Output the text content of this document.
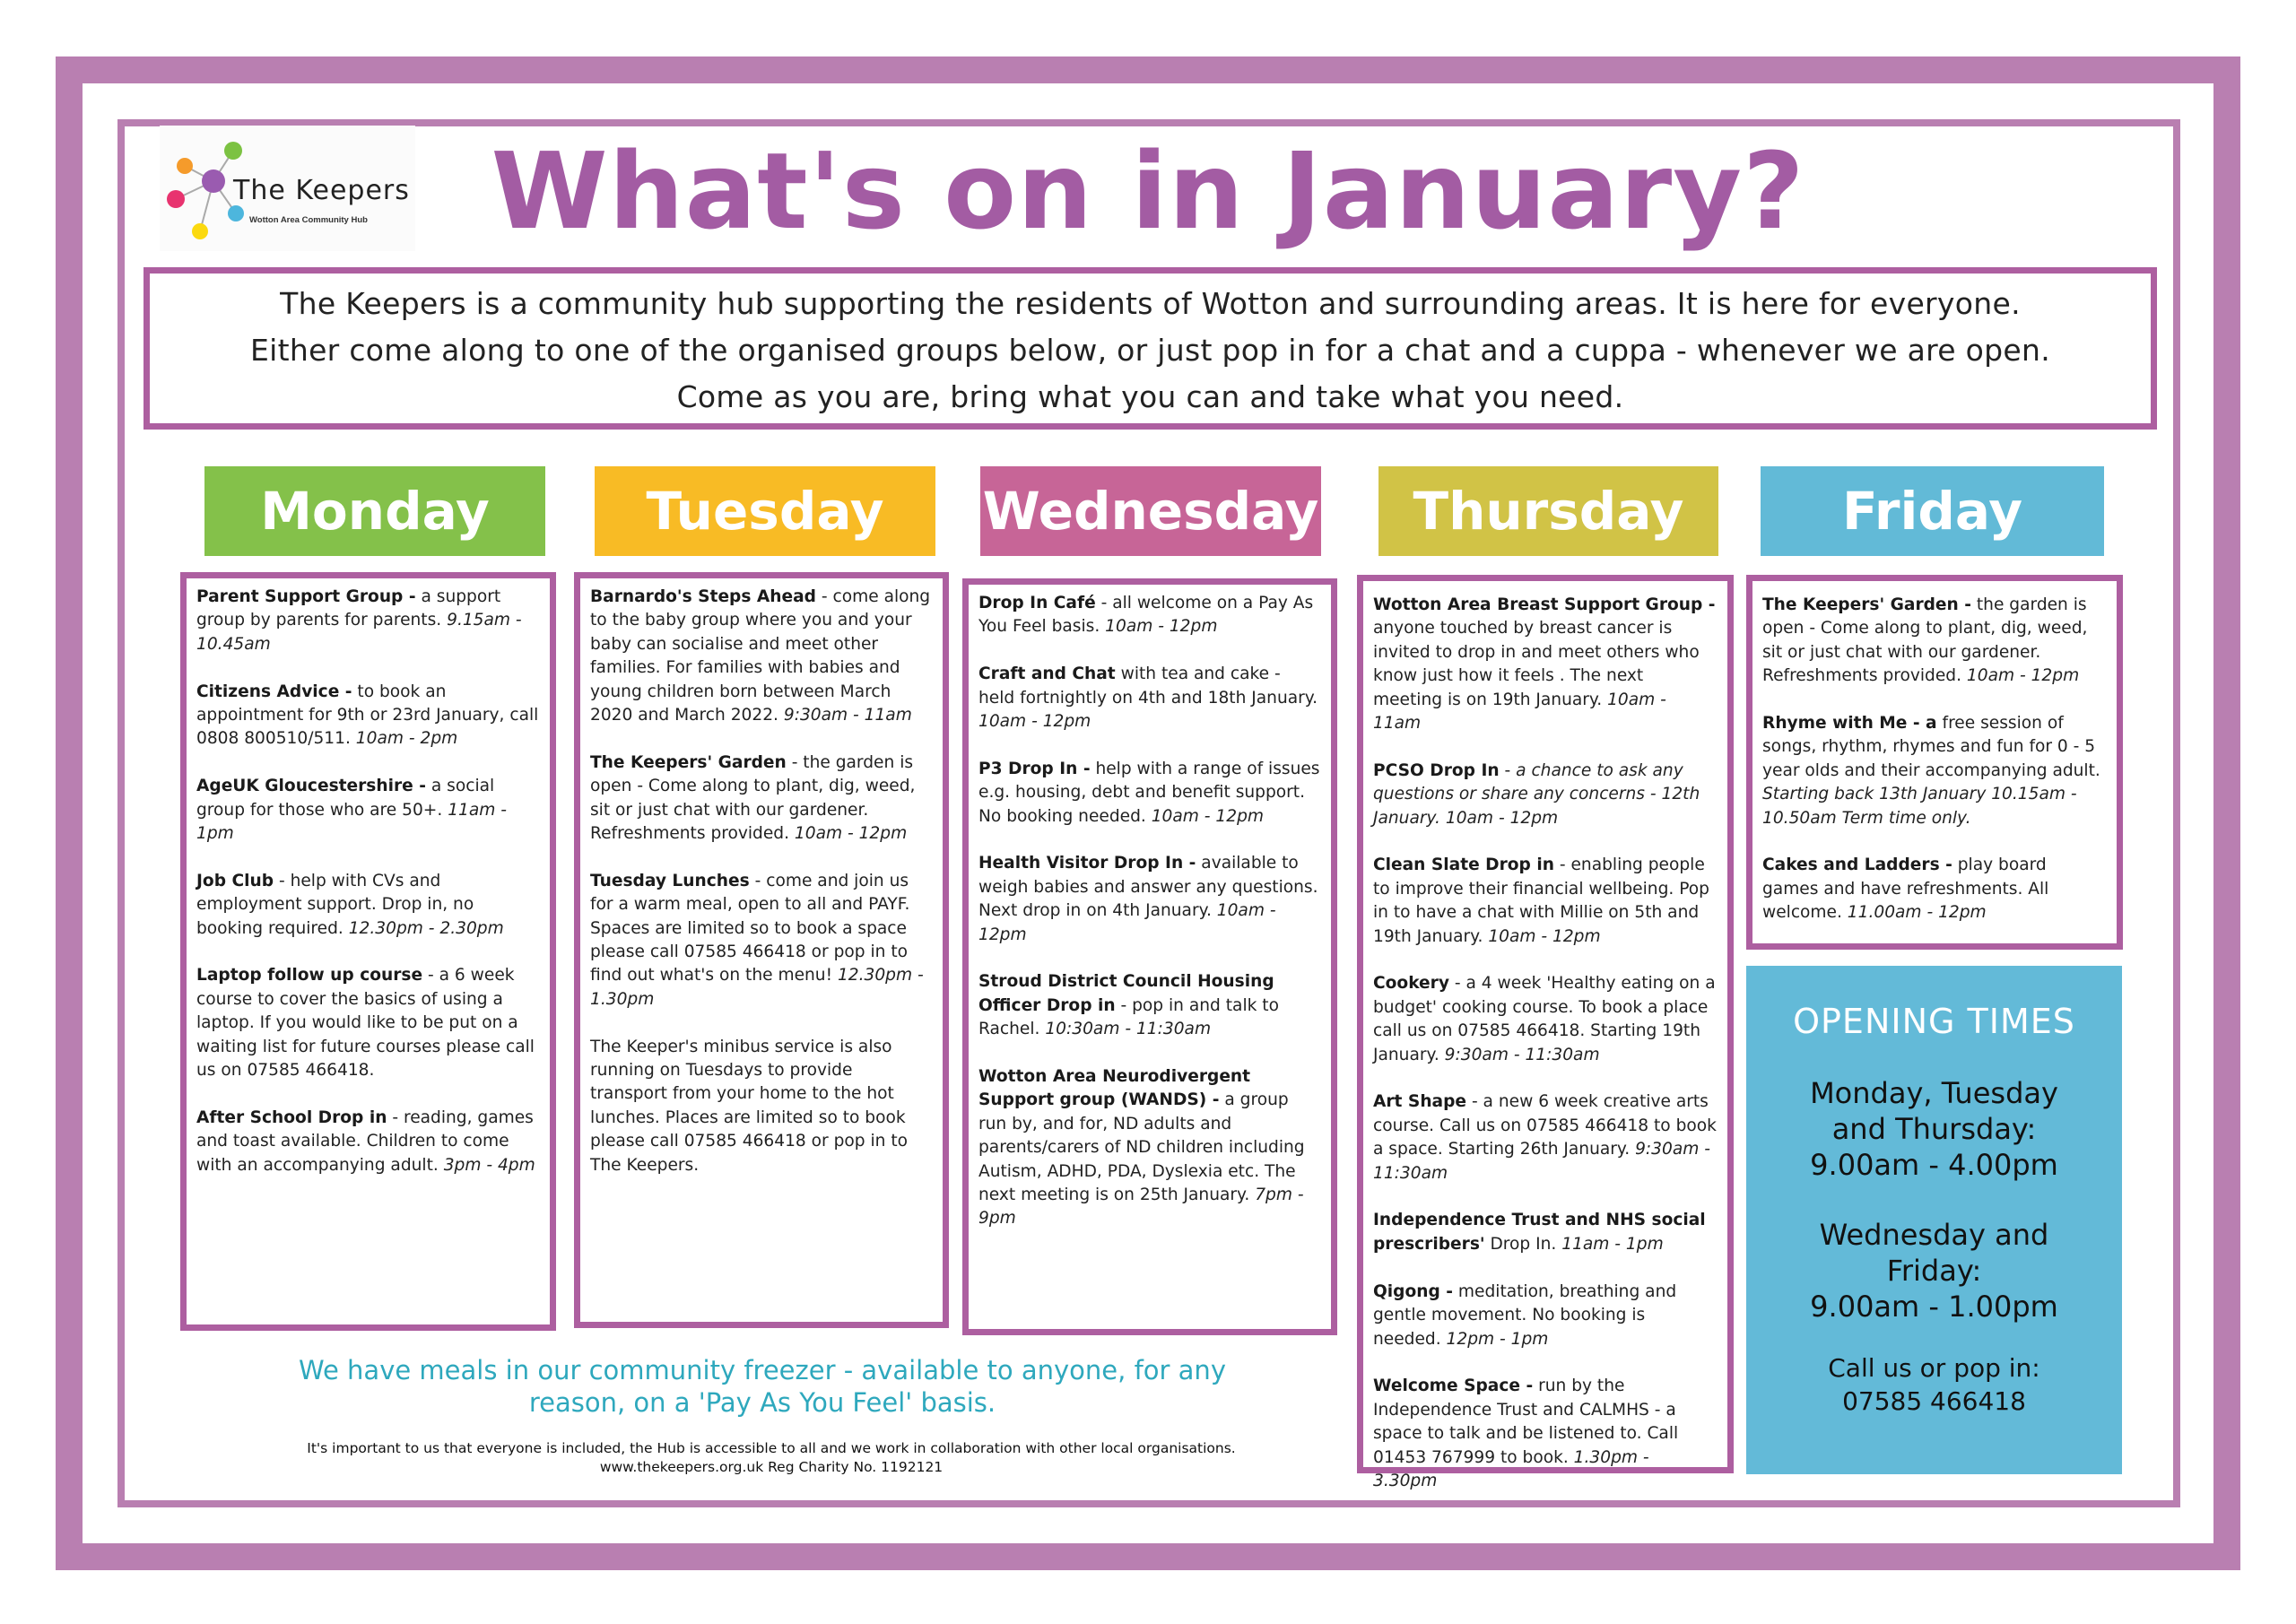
The Keepers
Wotton Area Community Hub What's on in January?

The Keepers is a community hub supporting the residents of Wotton and surrounding areas. It is here for everyone.

Either come along to one of the organised groups below, or just pop in for a chat and a cuppa - whenever we are open.

Come as you are, bring what you can and take what you need.

Monday	Tuesday	Wednesday	Thursday	Friday
Parent Support Group - a support group by parents for parents. 9.15am - 10.45am
Citizens Advice - to book an appointment for 9th or 23rd January, call 0808 800510/511. 10am - 2pm
AgeUK Gloucestershire - a social group for those who are 50+. 11am - 1pm
Job Club - help with CVs and employment support. Drop in, no booking required. 12.30pm - 2.30pm
Laptop follow up course - a 6 week course to cover the basics of using a laptop. If you would like to be put on a waiting list for future courses please call us on 07585 466418.
After School Drop in - reading, games and toast available. Children to come with an accompanying adult. 3pm - 4pm
Barnardo's Steps Ahead - come along to the baby group where you and your baby can socialise and meet other families. For families with babies and young children born between March 2020 and March 2022. 9:30am - 11am
The Keepers' Garden - the garden is open - Come along to plant, dig, weed, sit or just chat with our gardener. Refreshments provided. 10am - 12pm
Tuesday Lunches - come and join us for a warm meal, open to all and PAYF. Spaces are limited so to book a space please call 07585 466418 or pop in to find out what's on the menu! 12.30pm - 1.30pm
The Keeper's minibus service is also running on Tuesdays to provide transport from your home to the hot lunches. Places are limited so to book please call 07585 466418 or pop in to The Keepers.
Drop In Café - all welcome on a Pay As You Feel basis. 10am - 12pm
Craft and Chat with tea and cake - held fortnightly on 4th and 18th January. 10am - 12pm
P3 Drop In - help with a range of issues e.g. housing, debt and benefit support. No booking needed. 10am - 12pm
Health Visitor Drop In - available to weigh babies and answer any questions. Next drop in on 4th January. 10am - 12pm
Stroud District Council Housing Officer Drop in - pop in and talk to Rachel. 10:30am - 11:30am
Wotton Area Neurodivergent Support group (WANDS) - a group run by, and for, ND adults and parents/carers of ND children including Autism, ADHD, PDA, Dyslexia etc. The next meeting is on 25th January. 7pm - 9pm
Wotton Area Breast Support Group - anyone touched by breast cancer is invited to drop in and meet others who know just how it feels . The next meeting is on 19th January. 10am - 11am
PCSO Drop In - a chance to ask any questions or share any concerns - 12th January. 10am - 12pm
Clean Slate Drop in - enabling people to improve their financial wellbeing. Pop in to have a chat with Millie on 5th and 19th January. 10am - 12pm
Cookery - a 4 week 'Healthy eating on a budget' cooking course. To book a place call us on 07585 466418. Starting 19th January. 9:30am - 11:30am
Art Shape - a new 6 week creative arts course. Call us on 07585 466418 to book a space. Starting 26th January. 9:30am - 11:30am
Independence Trust and NHS social prescribers' Drop In. 11am - 1pm
Qigong - meditation, breathing and gentle movement. No booking is needed. 12pm - 1pm
Welcome Space - run by the Independence Trust and CALMHS - a space to talk and be listened to. Call 01453 767999 to book. 1.30pm - 3.30pm
The Keepers' Garden - the garden is open - Come along to plant, dig, weed, sit or just chat with our gardener. Refreshments provided. 10am - 12pm
Rhyme with Me - a free session of songs, rhythm, rhymes and fun for 0 - 5 year olds and their accompanying adult. Starting back 13th January 10.15am - 10.50am Term time only.
Cakes and Ladders - play board games and have refreshments. All welcome. 11.00am - 12pm
OPENING TIMES
Monday, Tuesday
and Thursday:
9.00am - 4.00pm
Wednesday and
Friday:
9.00am - 1.00pm
Call us or pop in:
07585 466418
We have meals in our community freezer - available to anyone, for any
reason, on a 'Pay As You Feel' basis.
It's important to us that everyone is included, the Hub is accessible to all and we work in collaboration with other local organisations.
www.thekeepers.org.uk Reg Charity No. 1192121
